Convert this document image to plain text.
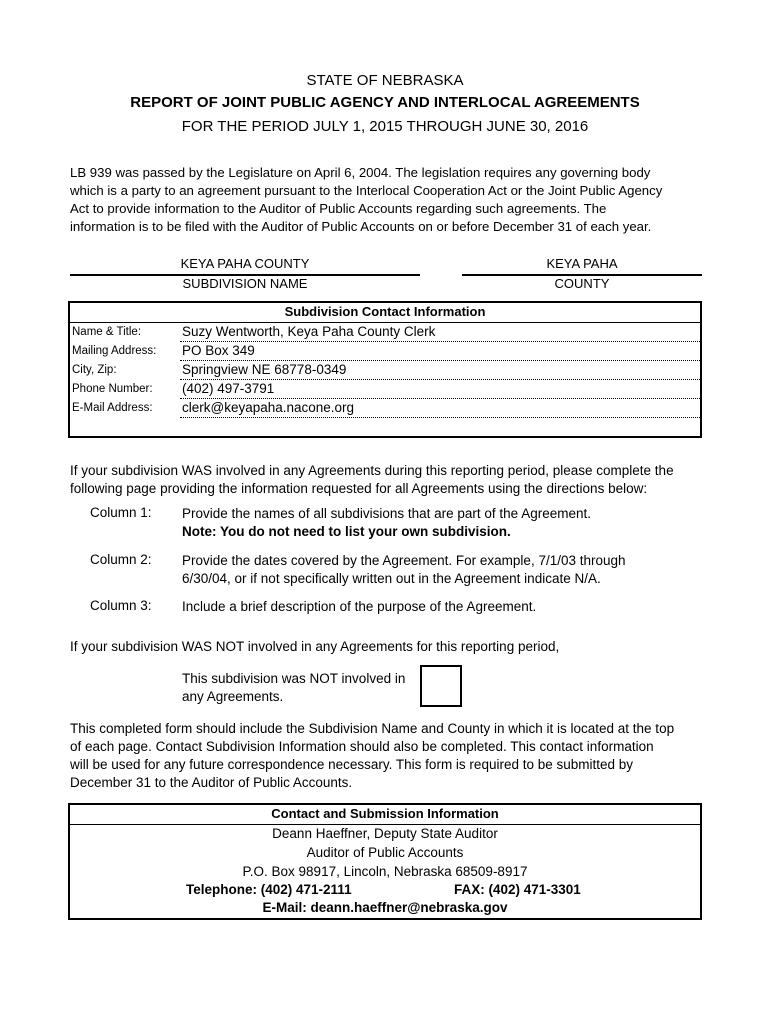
STATE OF NEBRASKA
REPORT OF JOINT PUBLIC AGENCY AND INTERLOCAL AGREEMENTS
FOR THE PERIOD JULY 1, 2015 THROUGH JUNE 30, 2016
LB 939 was passed by the Legislature on April 6, 2004. The legislation requires any governing body
which is a party to an agreement pursuant to the Interlocal Cooperation Act or the Joint Public Agency
Act to provide information to the Auditor of Public Accounts regarding such agreements. The
information is to be filed with the Auditor of Public Accounts on or before December 31 of each year.
KEYA PAHA COUNTY
SUBDIVISION NAME
KEYA PAHA
COUNTY
Subdivision Contact Information
Name & Title:	Suzy Wentworth, Keya Paha County Clerk
Mailing Address: PO Box 349
City, Zip:	Springview NE 68778-0349
Phone Number: (402) 497-3791
E-Mail Address: clerk@keyapaha.nacone.org
If your subdivision WAS involved in any Agreements during this reporting period, please complete the
following page providing the information requested for all Agreements using the directions below:
Column 1: Provide the names of all subdivisions that are part of the Agreement.
Note: You do not need to list your own subdivision.
Column 2: Provide the dates covered by the Agreement. For example, 7/1/03 through
6/30/04, or if not specifically written out in the Agreement indicate N/A.
Column 3: Include a brief description of the purpose of the Agreement.
If your subdivision WAS NOT involved in any Agreements for this reporting period,
This subdivision was NOT involved in
any Agreements.
This completed form should include the Subdivision Name and County in which it is located at the top
of each page. Contact Subdivision Information should also be completed. This contact information
will be used for any future correspondence necessary. This form is required to be submitted by
December 31 to the Auditor of Public Accounts.
Contact and Submission Information
Deann Haeffner, Deputy State Auditor
Auditor of Public Accounts
P.O. Box 98917, Lincoln, Nebraska 68509-8917
Telephone: (402) 471-2111	FAX: (402) 471-3301
E-Mail: deann.haeffner@nebraska.gov
